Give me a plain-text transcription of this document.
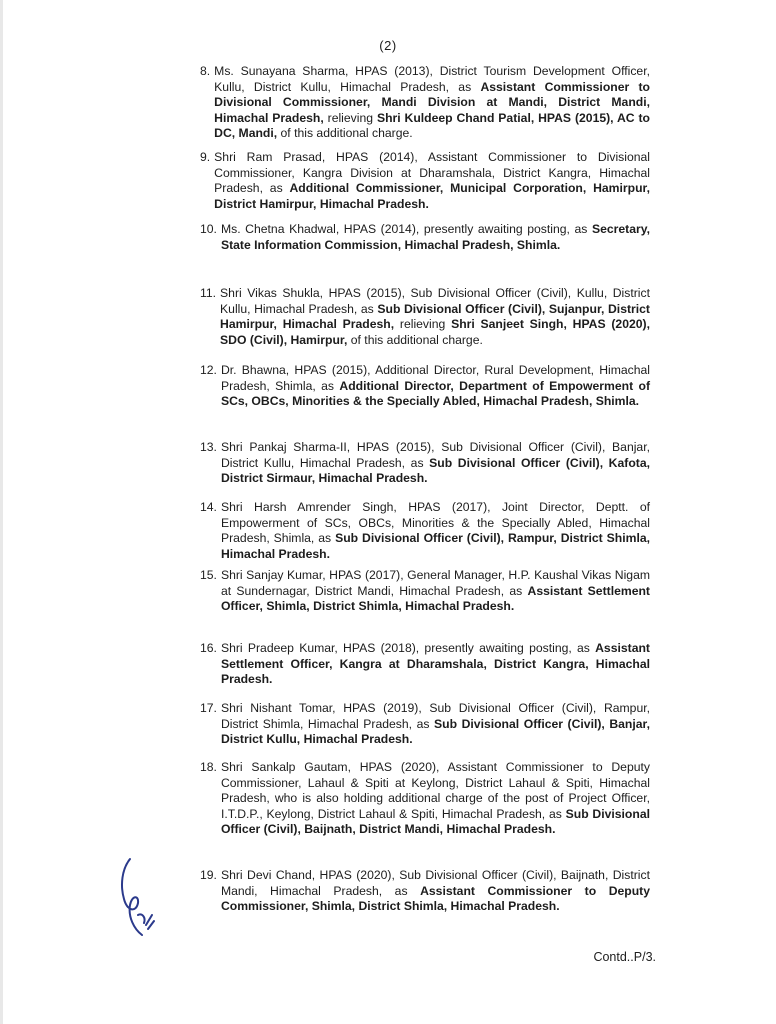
(2)
8. Ms. Sunayana Sharma, HPAS (2013), District Tourism Development Officer, Kullu, District Kullu, Himachal Pradesh, as Assistant Commissioner to Divisional Commissioner, Mandi Division at Mandi, District Mandi, Himachal Pradesh, relieving Shri Kuldeep Chand Patial, HPAS (2015), AC to DC, Mandi, of this additional charge.
9. Shri Ram Prasad, HPAS (2014), Assistant Commissioner to Divisional Commissioner, Kangra Division at Dharamshala, District Kangra, Himachal Pradesh, as Additional Commissioner, Municipal Corporation, Hamirpur, District Hamirpur, Himachal Pradesh.
10. Ms. Chetna Khadwal, HPAS (2014), presently awaiting posting, as Secretary, State Information Commission, Himachal Pradesh, Shimla.
11. Shri Vikas Shukla, HPAS (2015), Sub Divisional Officer (Civil), Kullu, District Kullu, Himachal Pradesh, as Sub Divisional Officer (Civil), Sujanpur, District Hamirpur, Himachal Pradesh, relieving Shri Sanjeet Singh, HPAS (2020), SDO (Civil), Hamirpur, of this additional charge.
12. Dr. Bhawna, HPAS (2015), Additional Director, Rural Development, Himachal Pradesh, Shimla, as Additional Director, Department of Empowerment of SCs, OBCs, Minorities & the Specially Abled, Himachal Pradesh, Shimla.
13. Shri Pankaj Sharma-II, HPAS (2015), Sub Divisional Officer (Civil), Banjar, District Kullu, Himachal Pradesh, as Sub Divisional Officer (Civil), Kafota, District Sirmaur, Himachal Pradesh.
14. Shri Harsh Amrender Singh, HPAS (2017), Joint Director, Deptt. of Empowerment of SCs, OBCs, Minorities & the Specially Abled, Himachal Pradesh, Shimla, as Sub Divisional Officer (Civil), Rampur, District Shimla, Himachal Pradesh.
15. Shri Sanjay Kumar, HPAS (2017), General Manager, H.P. Kaushal Vikas Nigam at Sundernagar, District Mandi, Himachal Pradesh, as Assistant Settlement Officer, Shimla, District Shimla, Himachal Pradesh.
16. Shri Pradeep Kumar, HPAS (2018), presently awaiting posting, as Assistant Settlement Officer, Kangra at Dharamshala, District Kangra, Himachal Pradesh.
17. Shri Nishant Tomar, HPAS (2019), Sub Divisional Officer (Civil), Rampur, District Shimla, Himachal Pradesh, as Sub Divisional Officer (Civil), Banjar, District Kullu, Himachal Pradesh.
18. Shri Sankalp Gautam, HPAS (2020), Assistant Commissioner to Deputy Commissioner, Lahaul & Spiti at Keylong, District Lahaul & Spiti, Himachal Pradesh, who is also holding additional charge of the post of Project Officer, I.T.D.P., Keylong, District Lahaul & Spiti, Himachal Pradesh, as Sub Divisional Officer (Civil), Baijnath, District Mandi, Himachal Pradesh.
19. Shri Devi Chand, HPAS (2020), Sub Divisional Officer (Civil), Baijnath, District Mandi, Himachal Pradesh, as Assistant Commissioner to Deputy Commissioner, Shimla, District Shimla, Himachal Pradesh.
Contd..P/3.
